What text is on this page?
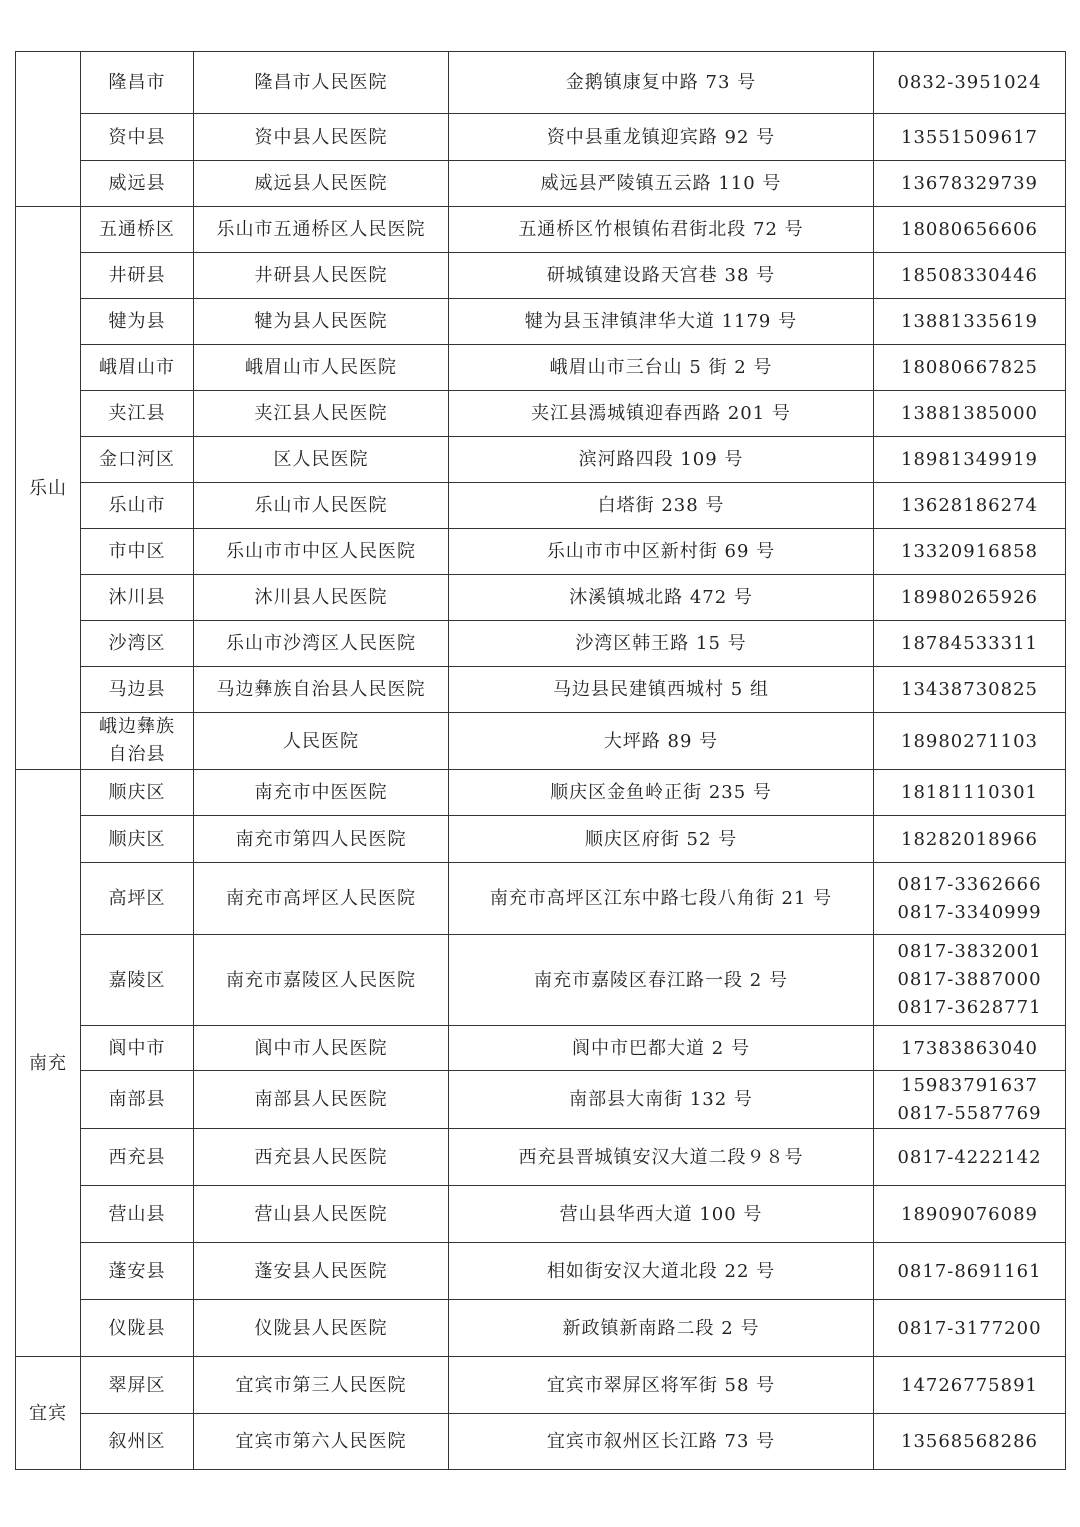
	隆昌市	隆昌市人民医院	金鹅镇康复中路 73 号	0832-3951024

	资中县	资中县人民医院	资中县重龙镇迎宾路 92 号	13551509617

	威远县	威远县人民医院	威远县严陵镇五云路 110 号	13678329739

乐山	五通桥区	乐山市五通桥区人民医院	五通桥区竹根镇佑君街北段 72 号	18080656606

	井研县	井研县人民医院	研城镇建设路天宫巷 38 号	18508330446

	犍为县	犍为县人民医院	犍为县玉津镇津华大道 1179 号	13881335619

	峨眉山市	峨眉山市人民医院	峨眉山市三台山 5 街 2 号	18080667825

	夹江县	夹江县人民医院	夹江县漹城镇迎春西路 201 号	13881385000

	金口河区	区人民医院	滨河路四段 109 号	18981349919

	乐山市	乐山市人民医院	白塔街 238 号	13628186274

	市中区	乐山市市中区人民医院	乐山市市中区新村街 69 号	13320916858

	沐川县	沐川县人民医院	沐溪镇城北路 472 号	18980265926

	沙湾区	乐山市沙湾区人民医院	沙湾区韩王路 15 号	18784533311

	马边县	马边彝族自治县人民医院	马边县民建镇西城村 5 组	13438730825

	峨边彝族
自治县	人民医院	大坪路 89 号	18980271103

南充	顺庆区	南充市中医医院	顺庆区金鱼岭正街 235 号	18181110301

	顺庆区	南充市第四人民医院	顺庆区府街 52 号	18282018966

	高坪区	南充市高坪区人民医院	南充市高坪区江东中路七段八角街 21 号	0817-3362666
0817-3340999

	嘉陵区	南充市嘉陵区人民医院	南充市嘉陵区春江路一段 2 号	0817-3832001
0817-3887000
0817-3628771

	阆中市	阆中市人民医院	阆中市巴都大道 2 号	17383863040

	南部县	南部县人民医院	南部县大南街 132 号	15983791637
0817-5587769

	西充县	西充县人民医院	西充县晋城镇安汉大道二段９８号	0817-4222142

	营山县	营山县人民医院	营山县华西大道 100 号	18909076089

	蓬安县	蓬安县人民医院	相如街安汉大道北段 22 号	0817-8691161

	仪陇县	仪陇县人民医院	新政镇新南路二段 2 号	0817-3177200

宜宾	翠屏区	宜宾市第三人民医院	宜宾市翠屏区将军街 58 号	14726775891

	叙州区	宜宾市第六人民医院	宜宾市叙州区长江路 73 号	13568568286
